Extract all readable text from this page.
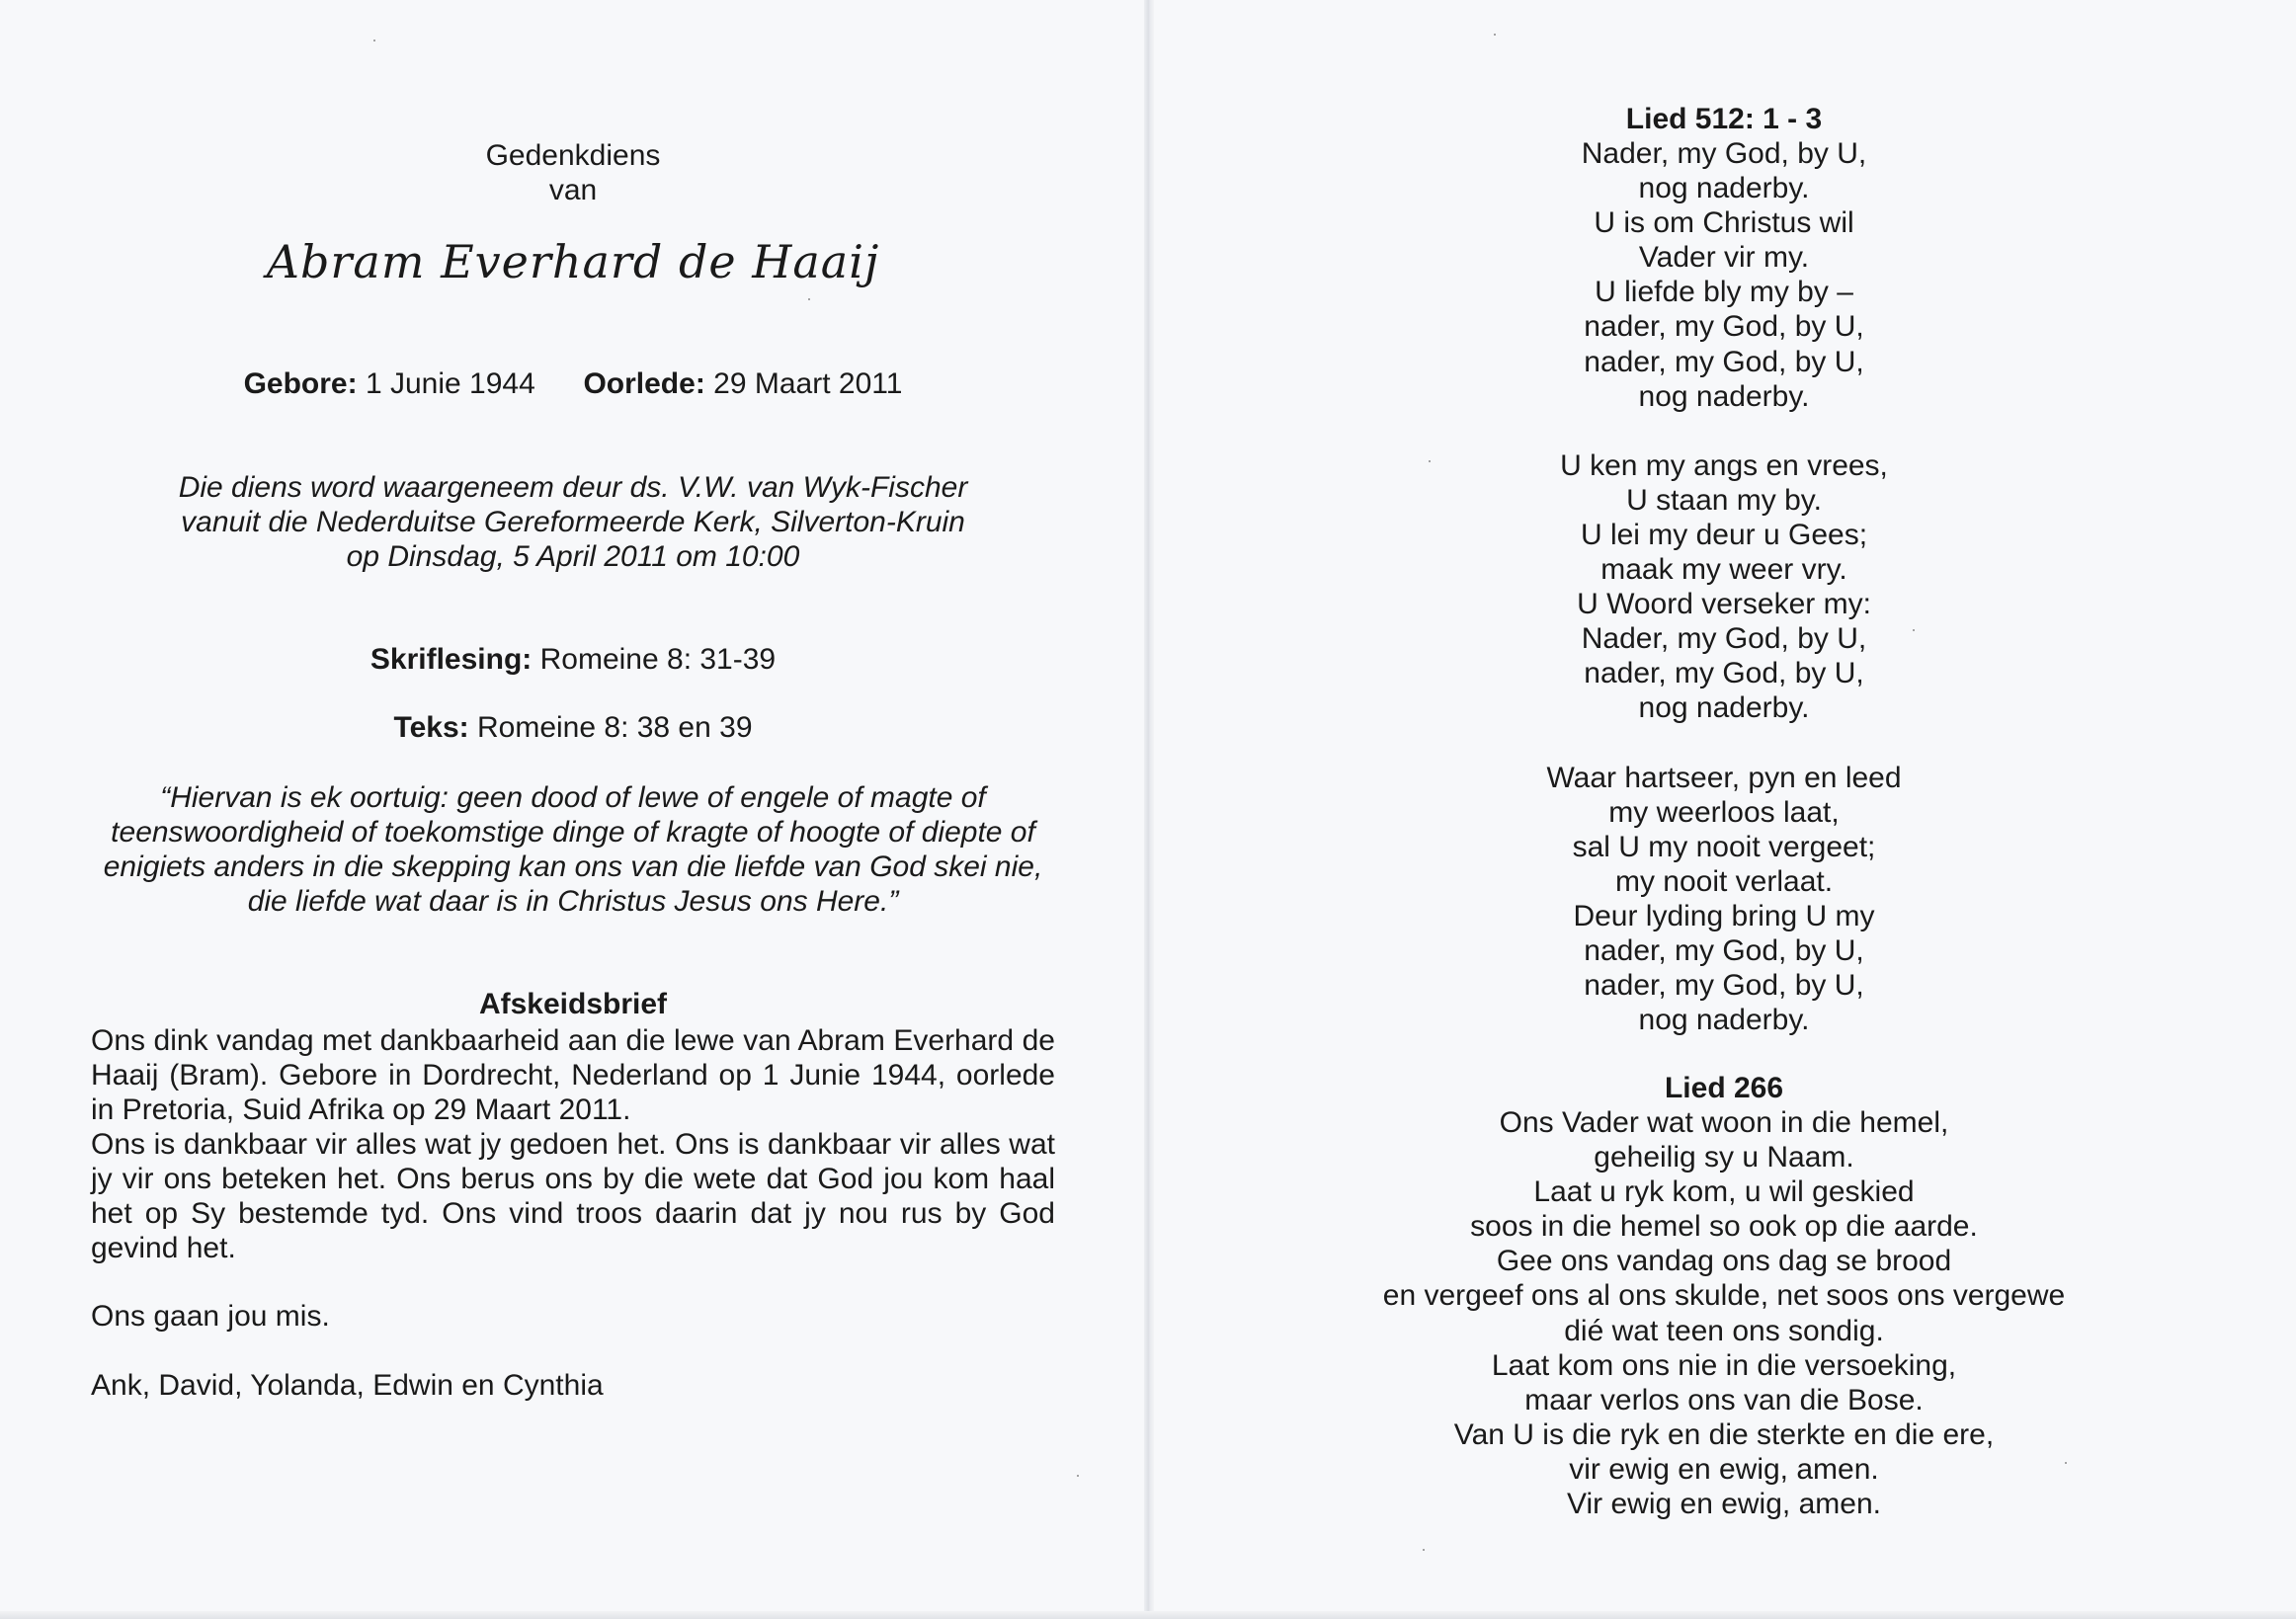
Gedenkdiens
van
Abram Everhard de Haaij
Gebore: 1 Junie 1944 Oorlede: 29 Maart 2011
Die diens word waargeneem deur ds. V.W. van Wyk-Fischer
vanuit die Nederduitse Gereformeerde Kerk, Silverton-Kruin
op Dinsdag, 5 April 2011 om 10:00
Skriflesing: Romeine 8: 31-39
Teks: Romeine 8: 38 en 39
“Hiervan is ek oortuig: geen dood of lewe of engele of magte of
teenswoordigheid of toekomstige dinge of kragte of hoogte of diepte of
enigiets anders in die skepping kan ons van die liefde van God skei nie,
die liefde wat daar is in Christus Jesus ons Here.”
Afskeidsbrief
Ons dink vandag met dankbaarheid aan die lewe van Abram Everhard de Haaij (Bram). Gebore in Dordrecht, Nederland op 1 Junie 1944, oorlede in Pretoria, Suid Afrika op 29 Maart 2011.
Ons is dankbaar vir alles wat jy gedoen het. Ons is dankbaar vir alles wat jy vir ons beteken het. Ons berus ons by die wete dat God jou kom haal het op Sy bestemde tyd. Ons vind troos daarin dat jy nou rus by God gevind het.
Ons gaan jou mis.
Ank, David, Yolanda, Edwin en Cynthia
Lied 512: 1 - 3
Nader, my God, by U,
nog naderby.
U is om Christus wil
Vader vir my.
U liefde bly my by –
nader, my God, by U,
nader, my God, by U,
nog naderby.
U ken my angs en vrees,
U staan my by.
U lei my deur u Gees;
maak my weer vry.
U Woord verseker my:
Nader, my God, by U,
nader, my God, by U,
nog naderby.
Waar hartseer, pyn en leed
my weerloos laat,
sal U my nooit vergeet;
my nooit verlaat.
Deur lyding bring U my
nader, my God, by U,
nader, my God, by U,
nog naderby.
Lied 266
Ons Vader wat woon in die hemel,
geheilig sy u Naam.
Laat u ryk kom, u wil geskied
soos in die hemel so ook op die aarde.
Gee ons vandag ons dag se brood
en vergeef ons al ons skulde, net soos ons vergewe
dié wat teen ons sondig.
Laat kom ons nie in die versoeking,
maar verlos ons van die Bose.
Van U is die ryk en die sterkte en die ere,
vir ewig en ewig, amen.
Vir ewig en ewig, amen.
